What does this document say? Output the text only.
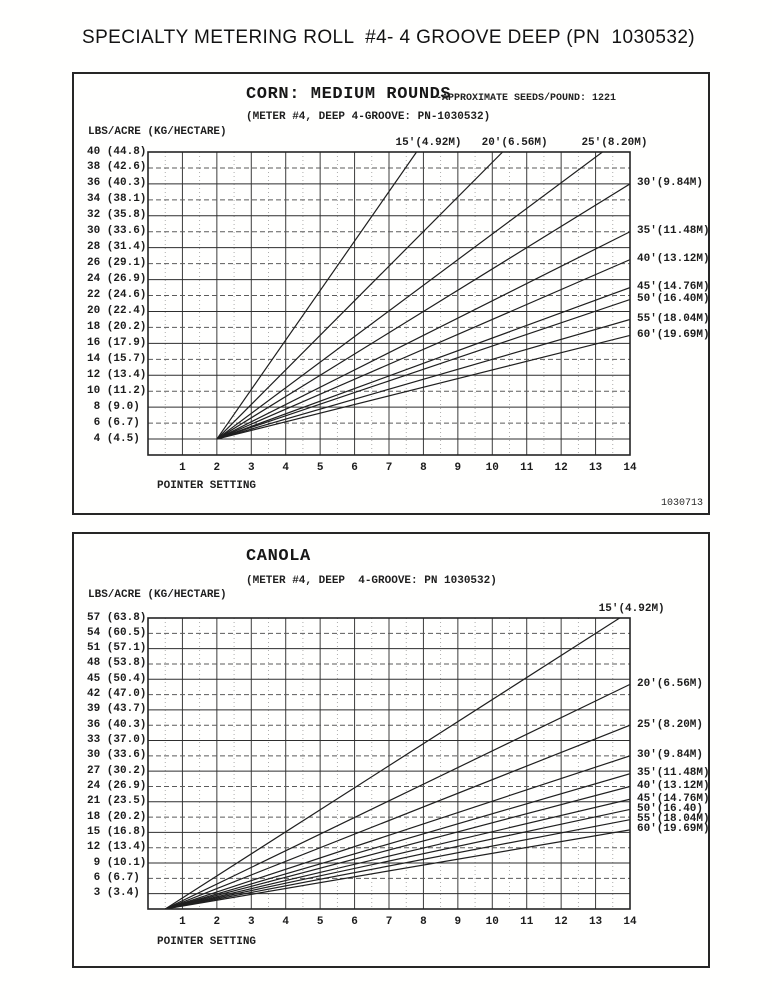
SPECIALTY METERING ROLL  #4- 4 GROOVE DEEP (PN  1030532)
CORN: MEDIUM ROUNDS
-APPROXIMATE SEEDS/POUND: 1221
(METER #4, DEEP 4-GROOVE: PN-1030532)
LBS/ACRE (KG/HECTARE)
40 (44.8)
38 (42.6)
36 (40.3)
34 (38.1)
32 (35.8)
30 (33.6)
28 (31.4)
26 (29.1)
24 (26.9)
22 (24.6)
20 (22.4)
18 (20.2)
16 (17.9)
14 (15.7)
12 (13.4)
10 (11.2)
8 (9.0)
6 (6.7)
4 (4.5)
1	2	3	4	5	6	7	8	9	10	11	12	13	14
15'(4.92M) 20'(6.56M)	25'(8.20M)
30'(9.84M)
35'(11.48M)
40'(13.12M)
45'(14.76M)
50'(16.40M)
55'(18.04M)
60'(19.69M)
POINTER SETTING
1030713
CANOLA
(METER #4, DEEP  4-GROOVE: PN 1030532)
LBS/ACRE (KG/HECTARE)
57 (63.8)
54 (60.5)
51 (57.1)
48 (53.8)
45 (50.4)
42 (47.0)
39 (43.7)
36 (40.3)
33 (37.0)
30 (33.6)
27 (30.2)
24 (26.9)
21 (23.5)
18 (20.2)
15 (16.8)
12 (13.4)
9 (10.1)
6 (6.7)
3 (3.4)
1	2	3	4	5	6	7	8	9	10	11	12	13	14
15'(4.92M)
20'(6.56M)
25'(8.20M)
30'(9.84M)
35'(11.48M)
40'(13.12M)
45'(14.76M)
50'(16.40)
55'(18.04M)
60'(19.69M)
POINTER SETTING
